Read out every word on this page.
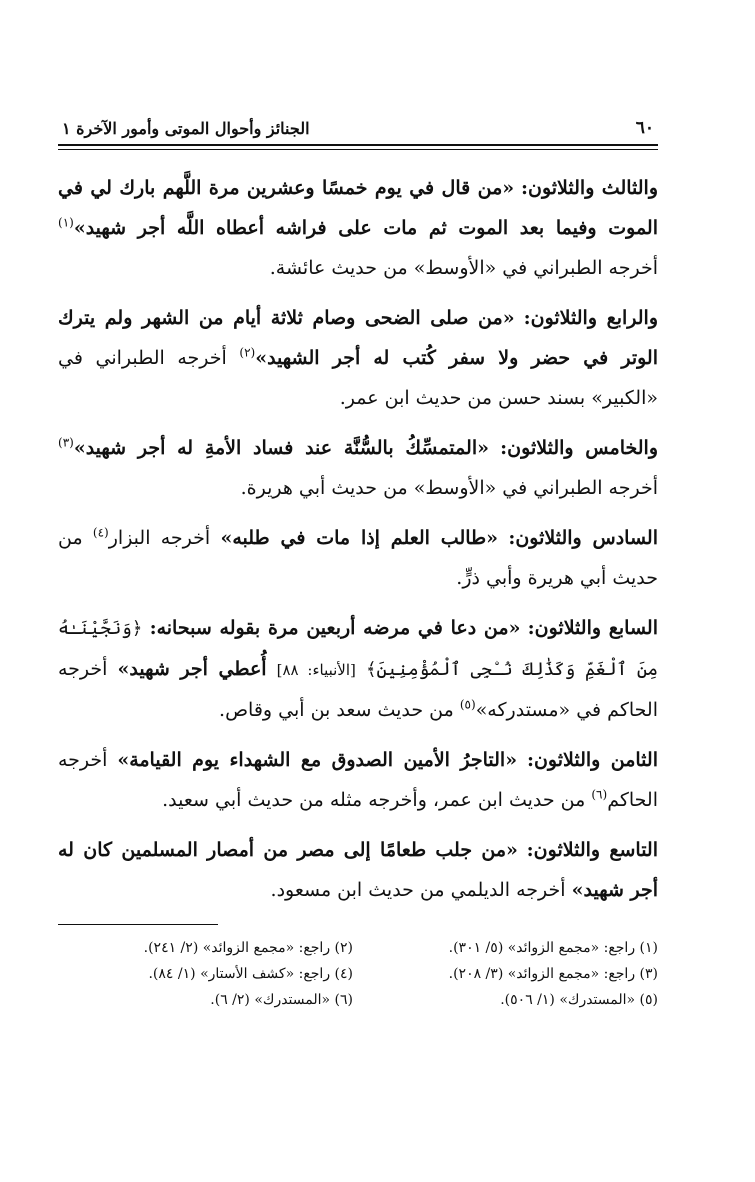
٦٠
الجنائز وأحوال الموتى وأمور الآخرة ١

والثالث والثلاثون: «من قال في يوم خمسًا وعشرين مرة اللَّهم بارك لي في الموت وفيما بعد الموت ثم مات على فراشه أعطاه اللَّه أجر شهيد»$^{(١)}$ أخرجه الطبراني في «الأوسط» من حديث عائشة.

والرابع والثلاثون: «من صلى الضحى وصام ثلاثة أيام من الشهر ولم يترك الوتر في حضر ولا سفر كُتب له أجر الشهيد»$^{(٢)}$ أخرجه الطبراني في «الكبير» بسند حسن من حديث ابن عمر.

والخامس والثلاثون: «المتمسِّكُ بالسُّنَّة عند فساد الأمةِ له أجر شهيد»$^{(٣)}$ أخرجه الطبراني في «الأوسط» من حديث أبي هريرة.

السادس والثلاثون: «طالب العلم إذا مات في طلبه» أخرجه البزار$^{(٤)}$ من حديث أبي هريرة وأبي ذرٍّ.

السابع والثلاثون: «من دعا في مرضه أربعين مرة بقوله سبحانه: ﴿وَنَجَّيْنَـٰهُ مِنَ ٱلْغَمِّ وَكَذَٰلِكَ نُـۨجِى ٱلْمُؤْمِنِينَ﴾ [الأنبياء: ٨٨] أُعطي أجر شهيد» أخرجه الحاكم في «مستدركه»$^{(٥)}$ من حديث سعد بن أبي وقاص.

الثامن والثلاثون: «التاجرُ الأمين الصدوق مع الشهداء يوم القيامة» أخرجه الحاكم$^{(٦)}$ من حديث ابن عمر، وأخرجه مثله من حديث أبي سعيد.

التاسع والثلاثون: «من جلب طعامًا إلى مصر من أمصار المسلمين كان له أجر شهيد» أخرجه الديلمي من حديث ابن مسعود.

(١) راجع: «مجمع الزوائد» (٥/ ٣٠١).
(٢) راجع: «مجمع الزوائد» (٢/ ٢٤١).
(٣) راجع: «مجمع الزوائد» (٣/ ٢٠٨).
(٤) راجع: «كشف الأستار» (١/ ٨٤).
(٥) «المستدرك» (١/ ٥٠٦).
(٦) «المستدرك» (٢/ ٦).
